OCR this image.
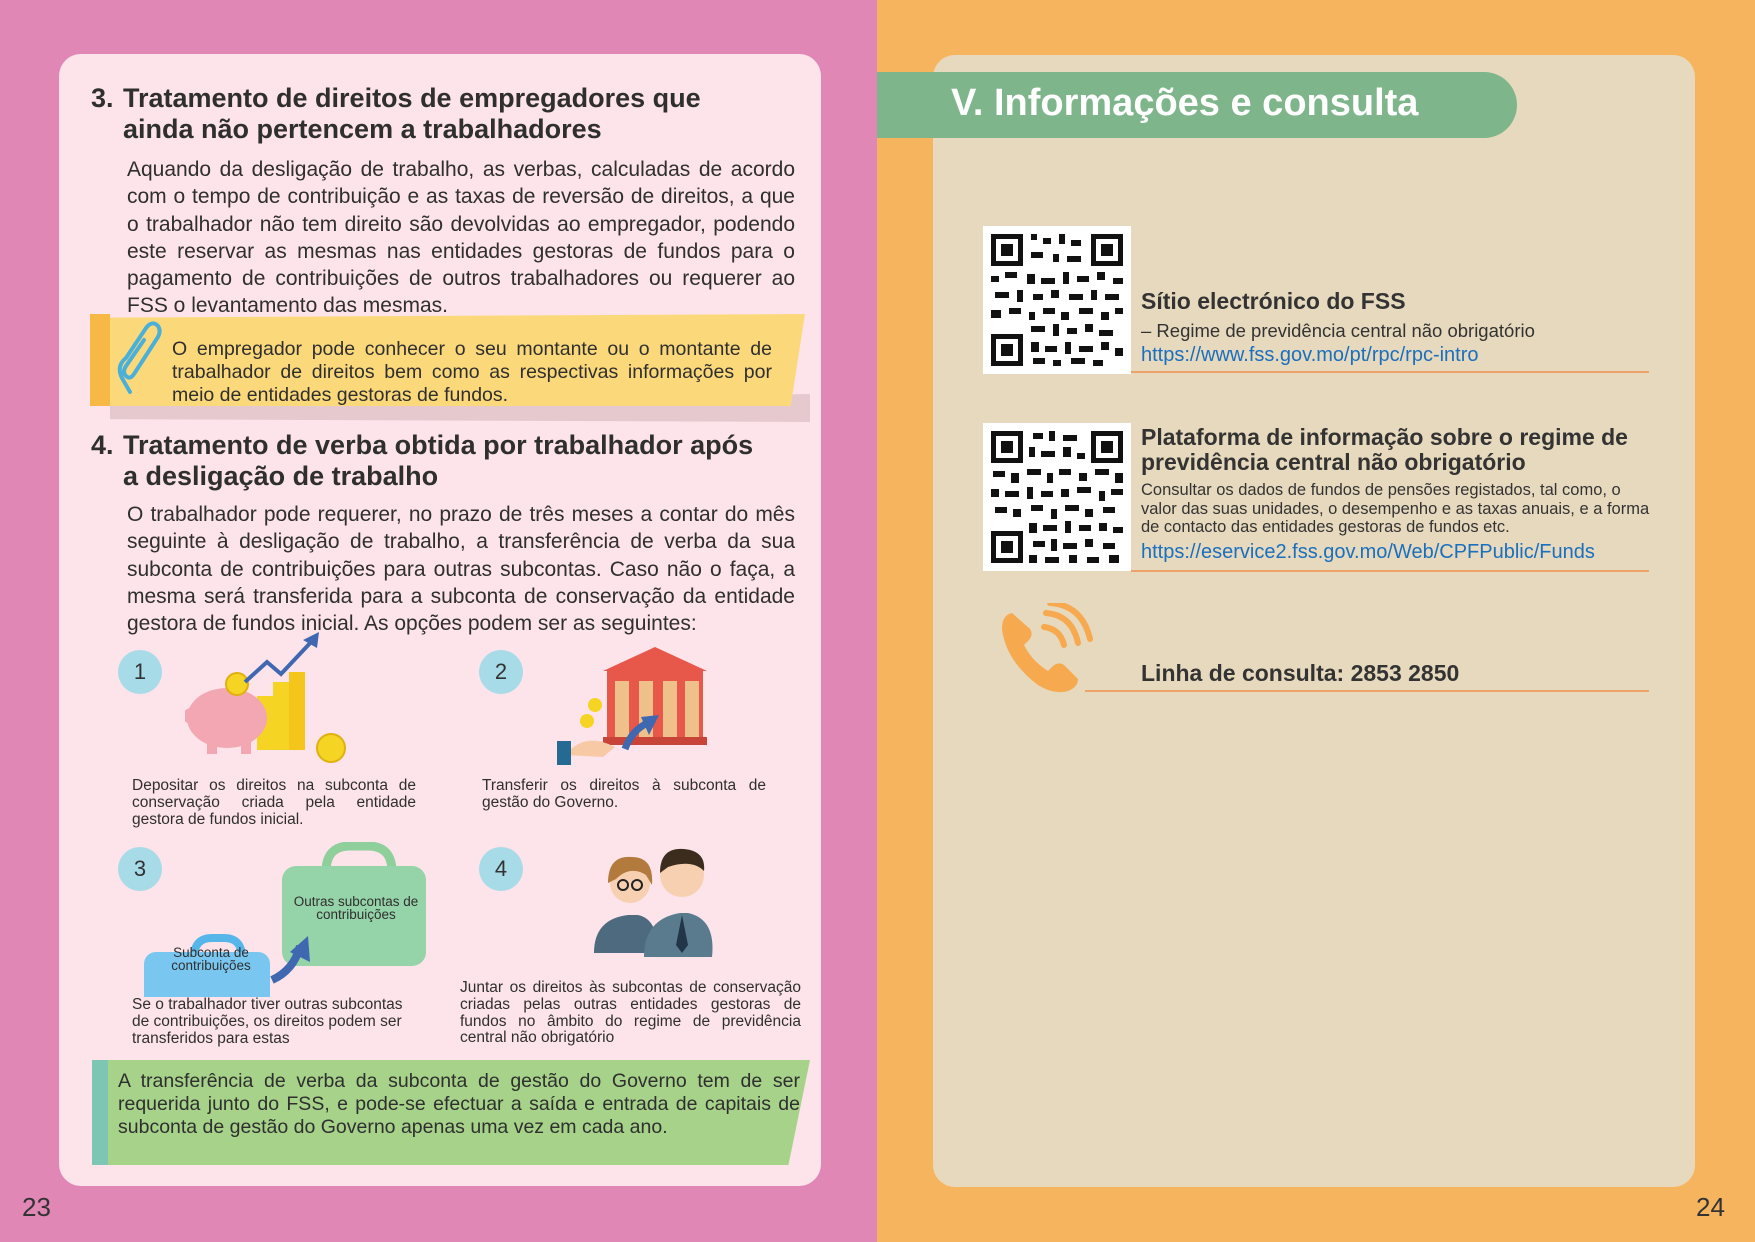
3. Tratamento de direitos de empregadores que
ainda não pertencem a trabalhadores
Aquando da desligação de trabalho, as verbas, calculadas de acordo com o tempo de contribuição e as taxas de reversão de direitos, a que o trabalhador não tem direito são devolvidas ao empregador, podendo este reservar as mesmas nas entidades gestoras de fundos para o pagamento de contribuições de outros trabalhadores ou requerer ao FSS o levantamento das mesmas.
O empregador pode conhecer o seu montante ou o montante de trabalhador de direitos bem como as respectivas informações por meio de entidades gestoras de fundos.
4. Tratamento de verba obtida por trabalhador após
a desligação de trabalho
O trabalhador pode requerer, no prazo de três meses a contar do mês seguinte à desligação de trabalho, a transferência de verba da sua subconta de contribuições para outras subcontas. Caso não o faça, a mesma será transferida para a subconta de conservação da entidade gestora de fundos inicial. As opções podem ser as seguintes:
1
Depositar os direitos na subconta de conservação criada pela entidade gestora de fundos inicial.
2
Transferir os direitos à subconta de gestão do Governo.
3
Outras subcontas de contribuições
Subconta de contribuições
Se o trabalhador tiver outras subcontas de contribuições, os direitos podem ser transferidos para estas
4
Juntar os direitos às subcontas de conservação criadas pelas outras entidades gestoras de fundos no âmbito do regime de previdência central não obrigatório
A transferência de verba da subconta de gestão do Governo tem de ser requerida junto do FSS, e pode-se efectuar a saída e entrada de capitais de subconta de gestão do Governo apenas uma vez em cada ano.
23
V. Informações e consulta
Sítio electrónico do FSS
– Regime de previdência central não obrigatório
https://www.fss.gov.mo/pt/rpc/rpc-intro
Plataforma de informação sobre o regime de
previdência central não obrigatório
Consultar os dados de fundos de pensões registados, tal como, o valor das suas unidades, o desempenho e as taxas anuais, e a forma de contacto das entidades gestoras de fundos etc.
https://eservice2.fss.gov.mo/Web/CPFPublic/Funds
Linha de consulta: 2853 2850
24
